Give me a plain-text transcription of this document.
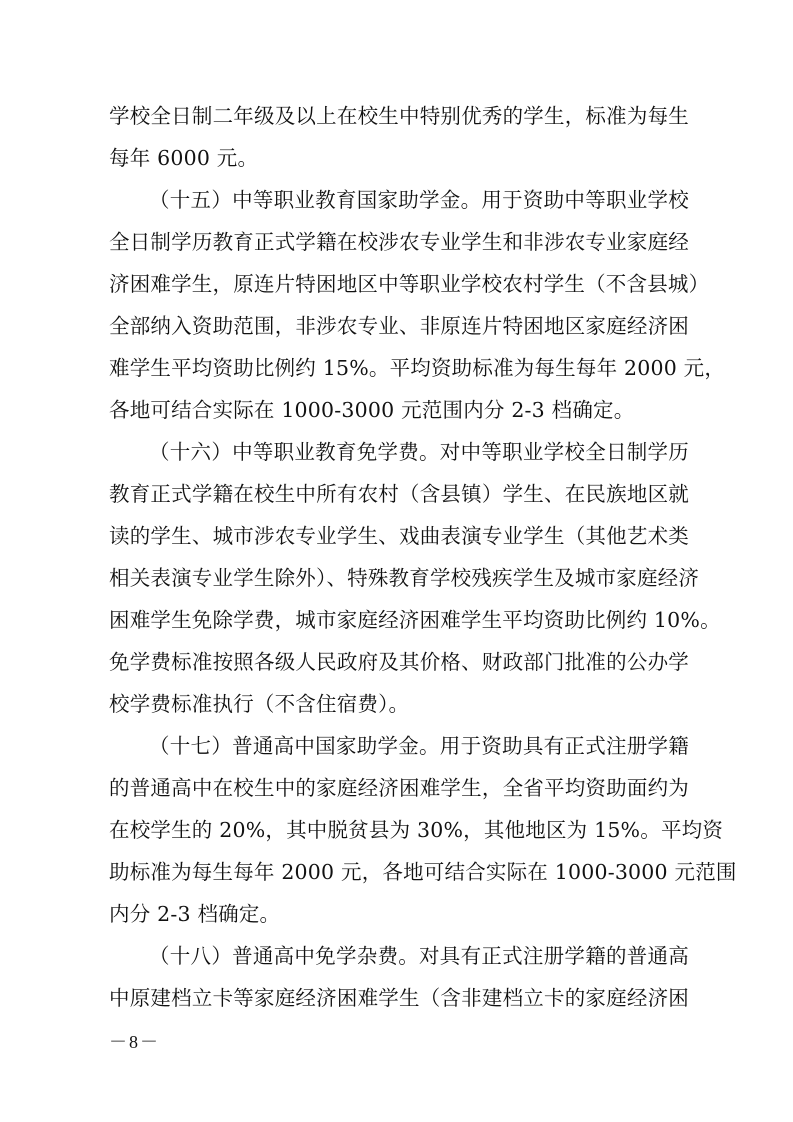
学校全日制二年级及以上在校生中特别优秀的学生，标准为每生
每年 6000 元。
（十五）中等职业教育国家助学金。用于资助中等职业学校
全日制学历教育正式学籍在校涉农专业学生和非涉农专业家庭经
济困难学生，原连片特困地区中等职业学校农村学生（不含县城）
全部纳入资助范围，非涉农专业、非原连片特困地区家庭经济困
难学生平均资助比例约 15%。平均资助标准为每生每年 2000 元，
各地可结合实际在 1000-3000 元范围内分 2-3 档确定。
（十六）中等职业教育免学费。对中等职业学校全日制学历
教育正式学籍在校生中所有农村（含县镇）学生、在民族地区就
读的学生、城市涉农专业学生、戏曲表演专业学生（其他艺术类
相关表演专业学生除外）、特殊教育学校残疾学生及城市家庭经济
困难学生免除学费，城市家庭经济困难学生平均资助比例约 10%。
免学费标准按照各级人民政府及其价格、财政部门批准的公办学
校学费标准执行（不含住宿费）。
（十七）普通高中国家助学金。用于资助具有正式注册学籍
的普通高中在校生中的家庭经济困难学生，全省平均资助面约为
在校学生的 20%，其中脱贫县为 30%，其他地区为 15%。平均资
助标准为每生每年 2000 元，各地可结合实际在 1000-3000 元范围
内分 2-3 档确定。
（十八）普通高中免学杂费。对具有正式注册学籍的普通高
中原建档立卡等家庭经济困难学生（含非建档立卡的家庭经济困
－8－
